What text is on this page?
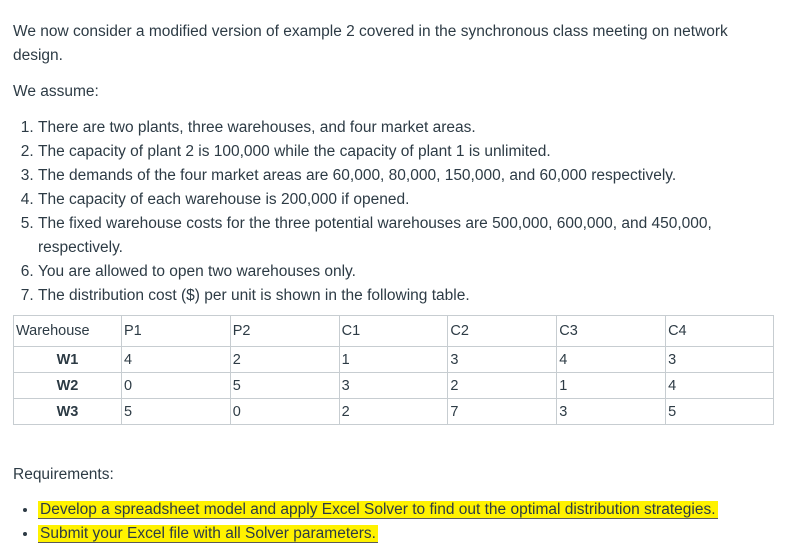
We now consider a modified version of example 2 covered in the synchronous class meeting on network design.

We assume:

1. There are two plants, three warehouses, and four market areas.
2. The capacity of plant 2 is 100,000 while the capacity of plant 1 is unlimited.
3. The demands of the four market areas are 60,000, 80,000, 150,000, and 60,000 respectively.
4. The capacity of each warehouse is 200,000 if opened.
5. The fixed warehouse costs for the three potential warehouses are 500,000, 600,000, and 450,000, respectively.
6. You are allowed to open two warehouses only.
7. The distribution cost ($) per unit is shown in the following table.
Warehouse	P1	P2	C1	C2	C3	C4
W1	4	2	1	3	4	3
W2	0	5	3	2	1	4
W3	5	0	2	7	3	5

Requirements:

• Develop a spreadsheet model and apply Excel Solver to find out the optimal distribution strategies.
• Submit your Excel file with all Solver parameters.
